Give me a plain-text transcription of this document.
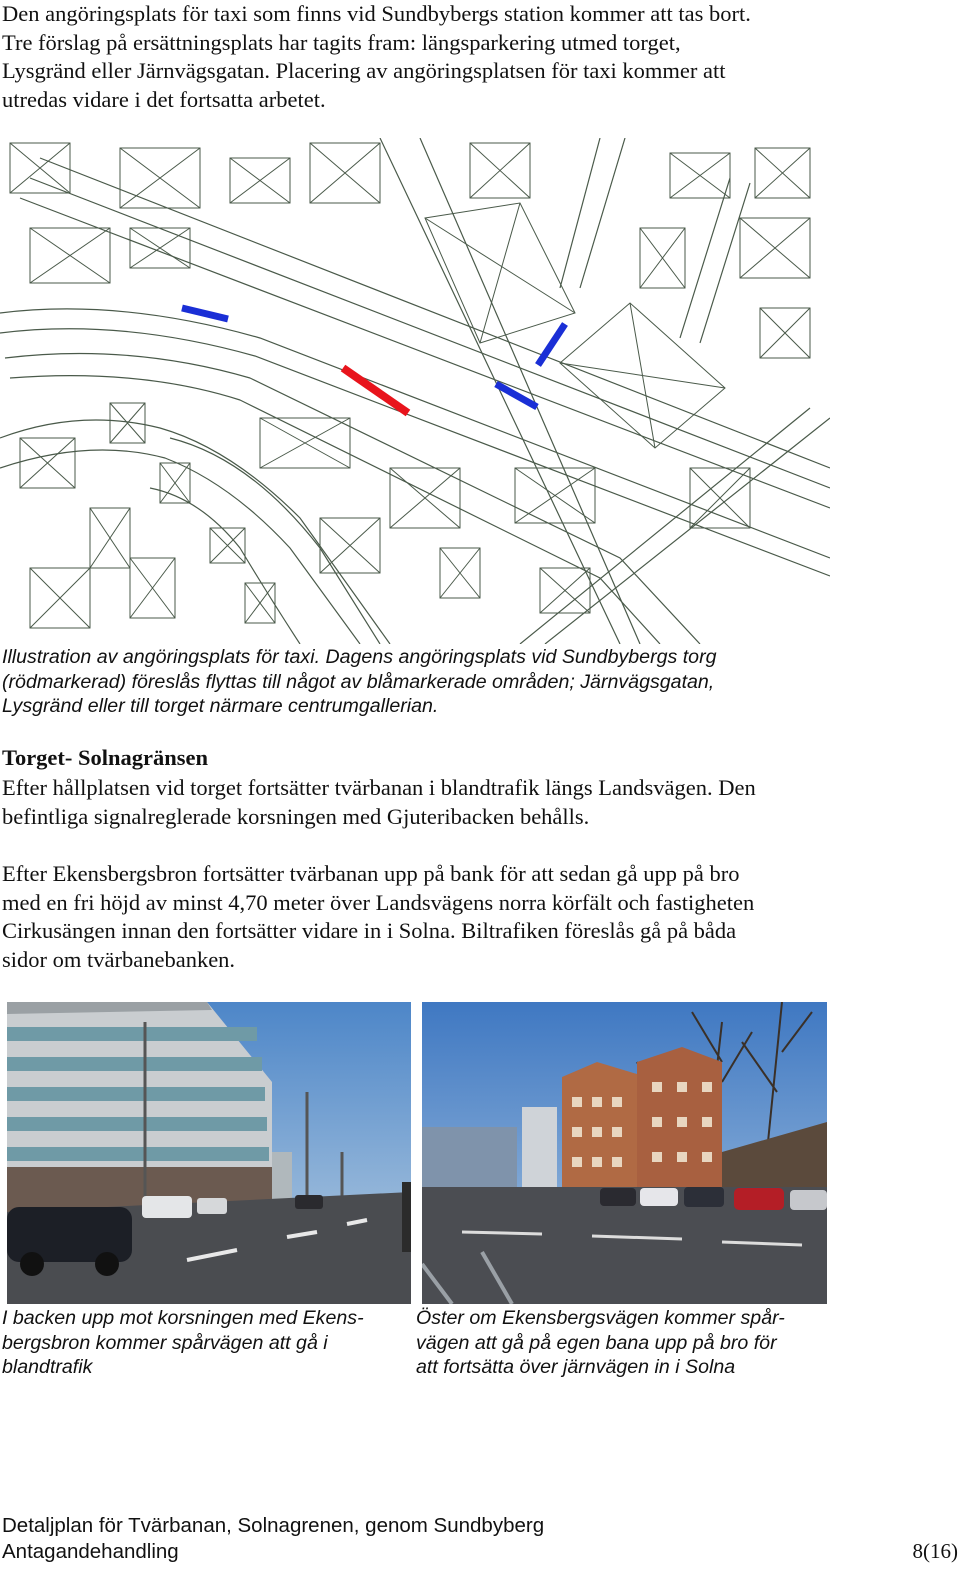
Den angöringsplats för taxi som finns vid Sundbybergs station kommer att tas bort.
Tre förslag på ersättningsplats har tagits fram: längsparkering utmed torget,
Lysgränd eller Järnvägsgatan. Placering av angöringsplatsen för taxi kommer att
utredas vidare i det fortsatta arbetet.
Illustration av angöringsplats för taxi. Dagens angöringsplats vid Sundbybergs torg
(rödmarkerad) föreslås flyttas till något av blåmarkerade områden; Järnvägsgatan,
Lysgränd eller till torget närmare centrumgallerian.
Torget- Solnagränsen
Efter hållplatsen vid torget fortsätter tvärbanan i blandtrafik längs Landsvägen. Den
befintliga signalreglerade korsningen med Gjuteribacken behålls.
Efter Ekensbergsbron fortsätter tvärbanan upp på bank för att sedan gå upp på bro
med en fri höjd av minst 4,70 meter över Landsvägens norra körfält och fastigheten
Cirkusängen innan den fortsätter vidare in i Solna. Biltrafiken föreslås gå på båda
sidor om tvärbanebanken.
I backen upp mot korsningen med Ekens-
bergsbron kommer spårvägen att gå i
blandtrafik
Öster om Ekensbergsvägen kommer spår-
vägen att gå på egen bana upp på bro för
att fortsätta över järnvägen in i Solna
Detaljplan för Tvärbanan, Solnagrenen, genom Sundbyberg
Antagandehandling	8(16)
